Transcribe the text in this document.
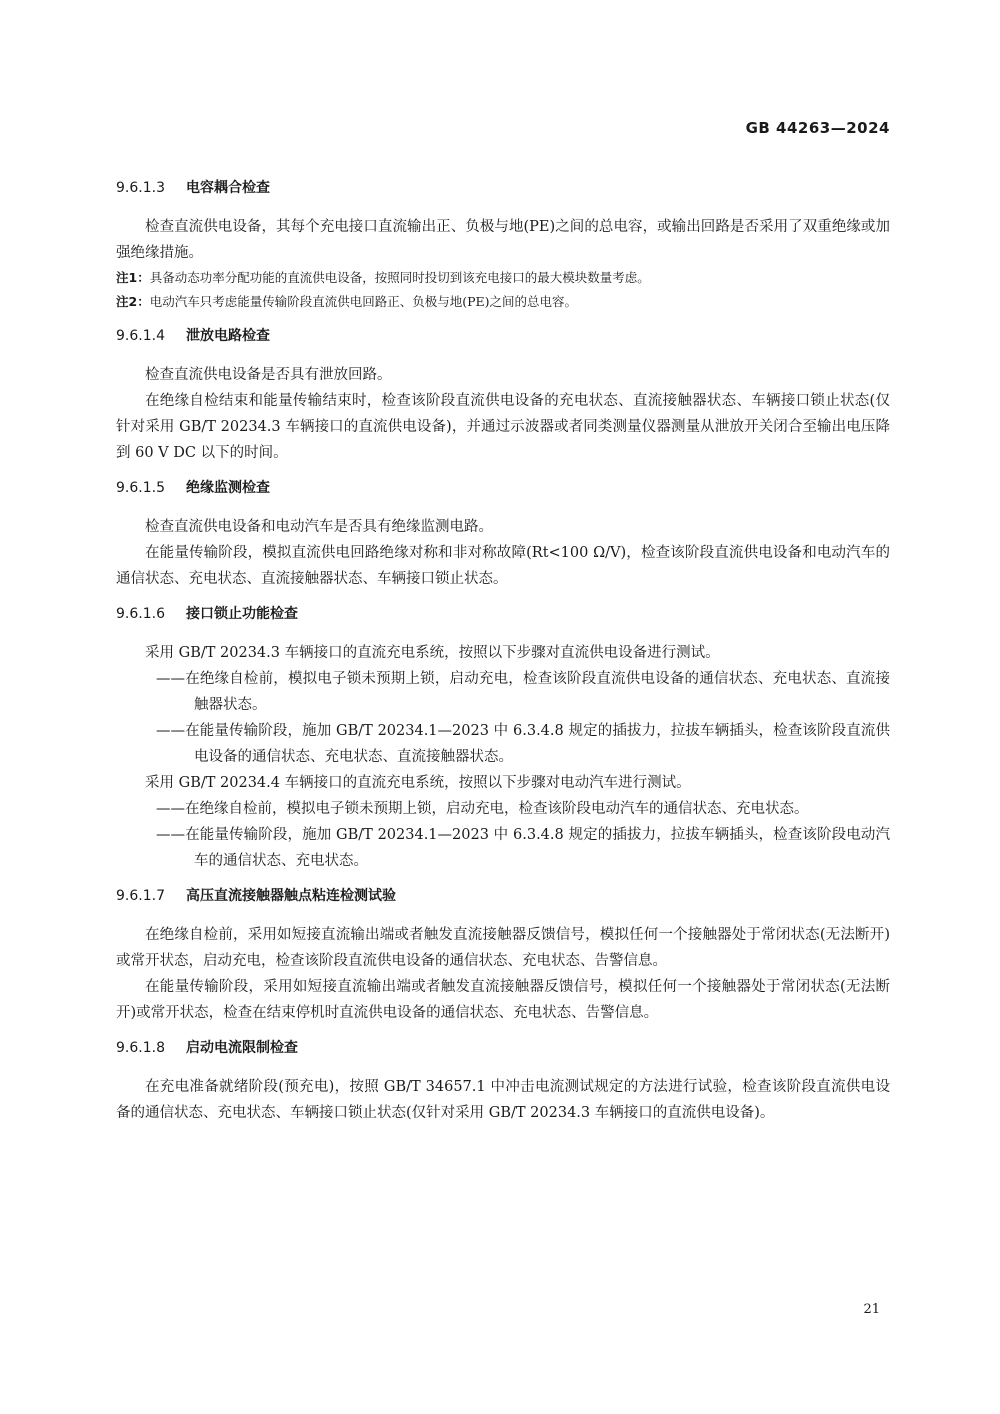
GB 44263—2024
9.6.1.3 电容耦合检查

检查直流供电设备，其每个充电接口直流输出正、负极与地(PE)之间的总电容，或输出回路是否采用了双重绝缘或加强绝缘措施。

注1：具备动态功率分配功能的直流供电设备，按照同时投切到该充电接口的最大模块数量考虑。

注2：电动汽车只考虑能量传输阶段直流供电回路正、负极与地(PE)之间的总电容。

9.6.1.4 泄放电路检查

检查直流供电设备是否具有泄放回路。

在绝缘自检结束和能量传输结束时，检查该阶段直流供电设备的充电状态、直流接触器状态、车辆接口锁止状态(仅针对采用 GB/T 20234.3 车辆接口的直流供电设备)，并通过示波器或者同类测量仪器测量从泄放开关闭合至输出电压降到 60 V DC 以下的时间。

9.6.1.5 绝缘监测检查

检查直流供电设备和电动汽车是否具有绝缘监测电路。

在能量传输阶段，模拟直流供电回路绝缘对称和非对称故障(Rt<100 Ω/V)，检查该阶段直流供电设备和电动汽车的通信状态、充电状态、直流接触器状态、车辆接口锁止状态。

9.6.1.6 接口锁止功能检查

采用 GB/T 20234.3 车辆接口的直流充电系统，按照以下步骤对直流供电设备进行测试。

——在绝缘自检前，模拟电子锁未预期上锁，启动充电，检查该阶段直流供电设备的通信状态、充电状态、直流接触器状态。

——在能量传输阶段，施加 GB/T 20234.1—2023 中 6.3.4.8 规定的插拔力，拉拔车辆插头，检查该阶段直流供电设备的通信状态、充电状态、直流接触器状态。

采用 GB/T 20234.4 车辆接口的直流充电系统，按照以下步骤对电动汽车进行测试。

——在绝缘自检前，模拟电子锁未预期上锁，启动充电，检查该阶段电动汽车的通信状态、充电状态。

——在能量传输阶段，施加 GB/T 20234.1—2023 中 6.3.4.8 规定的插拔力，拉拔车辆插头，检查该阶段电动汽车的通信状态、充电状态。

9.6.1.7 高压直流接触器触点粘连检测试验

在绝缘自检前，采用如短接直流输出端或者触发直流接触器反馈信号，模拟任何一个接触器处于常闭状态(无法断开)或常开状态，启动充电，检查该阶段直流供电设备的通信状态、充电状态、告警信息。

在能量传输阶段，采用如短接直流输出端或者触发直流接触器反馈信号，模拟任何一个接触器处于常闭状态(无法断开)或常开状态，检查在结束停机时直流供电设备的通信状态、充电状态、告警信息。

9.6.1.8 启动电流限制检查

在充电准备就绪阶段(预充电)，按照 GB/T 34657.1 中冲击电流测试规定的方法进行试验，检查该阶段直流供电设备的通信状态、充电状态、车辆接口锁止状态(仅针对采用 GB/T 20234.3 车辆接口的直流供电设备)。

21
